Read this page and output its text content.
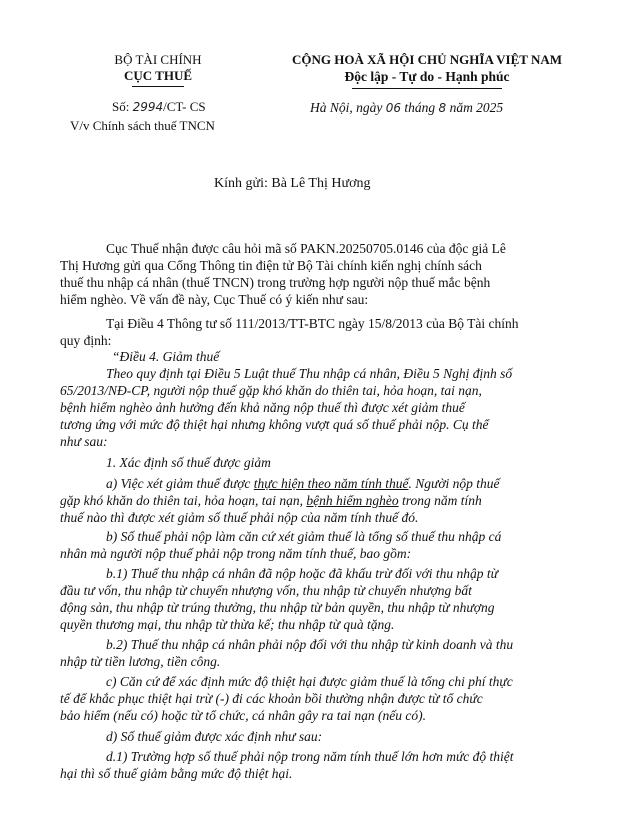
BỘ TÀI CHÍNH
CỤC THUẾ
CỘNG HOÀ XÃ HỘI CHỦ NGHĨA VIỆT NAM
Độc lập - Tự do - Hạnh phúc
Số: 2994/CT- CS
V/v Chính sách thuế TNCN
Hà Nội, ngày 06 tháng 8 năm 2025
Kính gửi: Bà Lê Thị Hương
Cục Thuế nhận được câu hỏi mã số PAKN.20250705.0146 của độc giả Lê
Thị Hương gửi qua Cổng Thông tin điện tử Bộ Tài chính kiến nghị chính sách
thuế thu nhập cá nhân (thuế TNCN) trong trường hợp người nộp thuế mắc bệnh
hiểm nghèo. Về vấn đề này, Cục Thuế có ý kiến như sau:
Tại Điều 4 Thông tư số 111/2013/TT-BTC ngày 15/8/2013 của Bộ Tài chính
quy định:
“Điều 4. Giảm thuế
Theo quy định tại Điều 5 Luật thuế Thu nhập cá nhân, Điều 5 Nghị định số
65/2013/NĐ-CP, người nộp thuế gặp khó khăn do thiên tai, hỏa hoạn, tai nạn,
bệnh hiểm nghèo ảnh hưởng đến khả năng nộp thuế thì được xét giảm thuế
tương ứng với mức độ thiệt hại nhưng không vượt quá số thuế phải nộp. Cụ thể
như sau:
1. Xác định số thuế được giảm
a) Việc xét giảm thuế được thực hiện theo năm tính thuế. Người nộp thuế
gặp khó khăn do thiên tai, hỏa hoạn, tai nạn, bệnh hiểm nghèo trong năm tính
thuế nào thì được xét giảm số thuế phải nộp của năm tính thuế đó.
b) Số thuế phải nộp làm căn cứ xét giảm thuế là tổng số thuế thu nhập cá
nhân mà người nộp thuế phải nộp trong năm tính thuế, bao gồm:
b.1) Thuế thu nhập cá nhân đã nộp hoặc đã khấu trừ đối với thu nhập từ
đầu tư vốn, thu nhập từ chuyển nhượng vốn, thu nhập từ chuyển nhượng bất
động sản, thu nhập từ trúng thưởng, thu nhập từ bản quyền, thu nhập từ nhượng
quyền thương mại, thu nhập từ thừa kế; thu nhập từ quà tặng.
b.2) Thuế thu nhập cá nhân phải nộp đối với thu nhập từ kinh doanh và thu
nhập từ tiền lương, tiền công.
c) Căn cứ để xác định mức độ thiệt hại được giảm thuế là tổng chi phí thực
tế để khắc phục thiệt hại trừ (-) đi các khoản bồi thường nhận được từ tổ chức
bảo hiểm (nếu có) hoặc từ tổ chức, cá nhân gây ra tai nạn (nếu có).
d) Số thuế giảm được xác định như sau:
d.1) Trường hợp số thuế phải nộp trong năm tính thuế lớn hơn mức độ thiệt
hại thì số thuế giảm bằng mức độ thiệt hại.
